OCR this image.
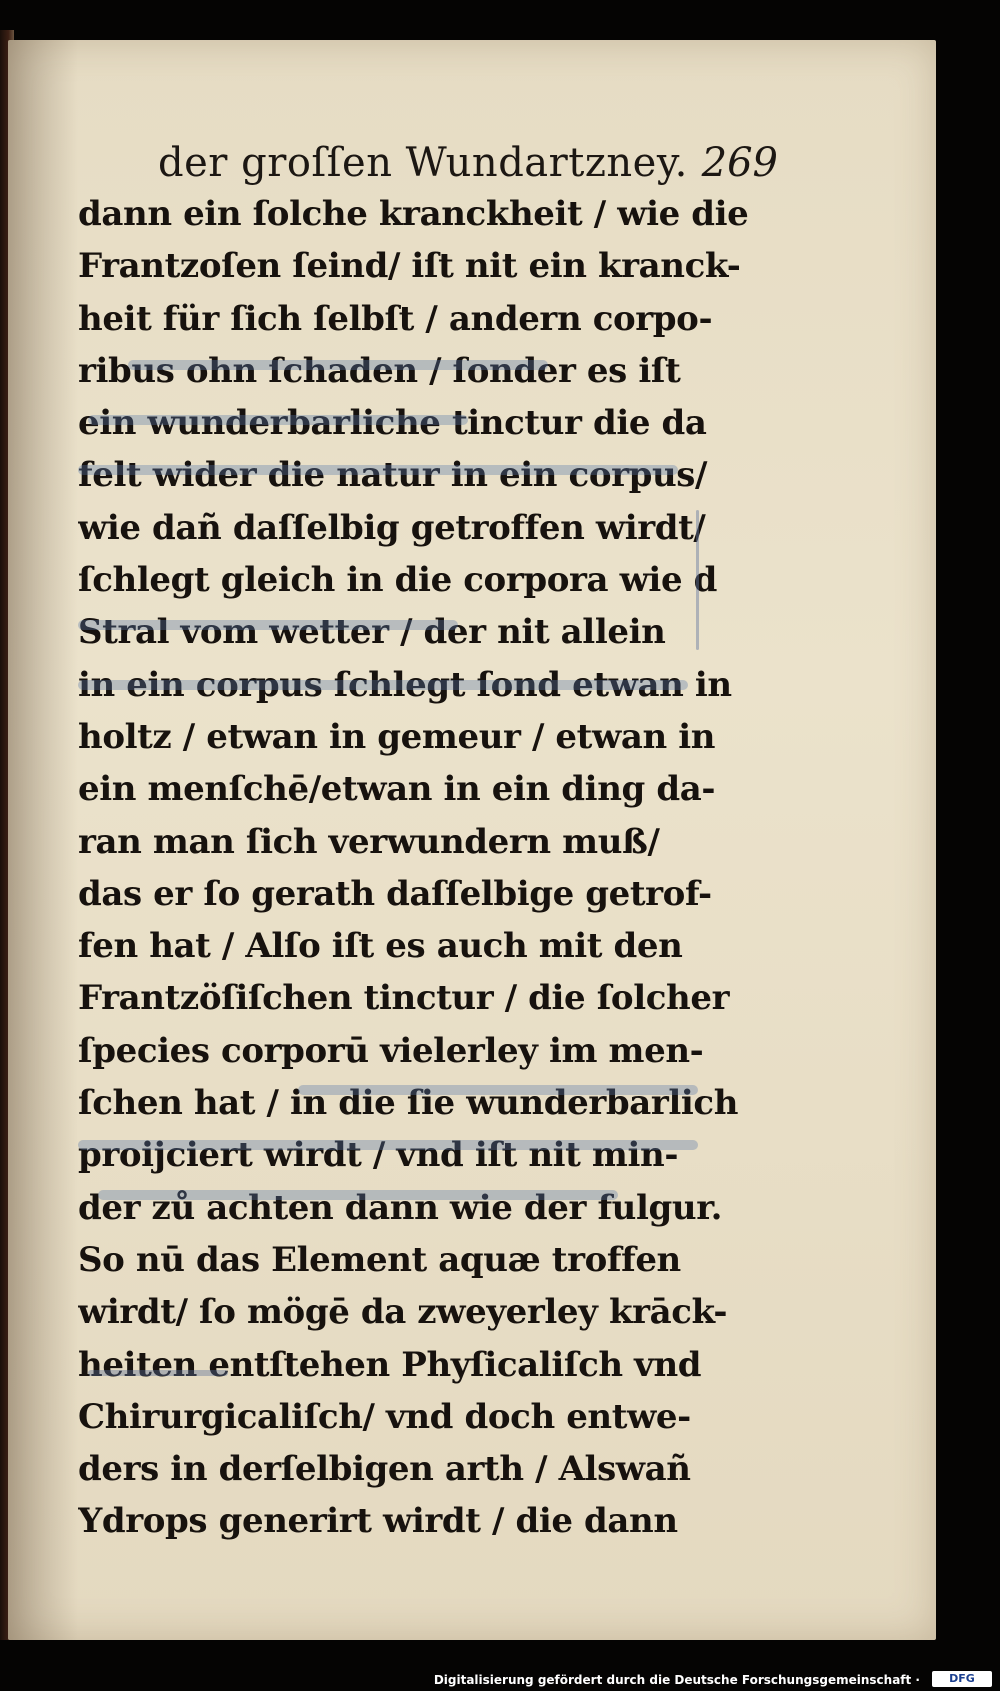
der groſſen Wundartzney. 269
dann ein ſolche kranckheit / wie die
Frantzoſen ſeind/ iſt nit ein kranck-
heit für ſich ſelbſt / andern corpo-
ribus ohn ſchaden / ſonder es iſt
ein wunderbarliche tinctur die da
felt wider die natur in ein corpus/
wie dañ daſſelbig getroffen wirdt/
ſchlegt gleich in die corpora wie d
Stral vom wetter / der nit allein
in ein corpus ſchlegt ſond etwan in
holtz / etwan in gemeur / etwan in
ein menſchē/etwan in ein ding da-
ran man ſich verwundern muß/
das er ſo gerath daſſelbige getrof-
fen hat / Alſo iſt es auch mit den
Frantzöſiſchen tinctur / die ſolcher
ſpecies corporū vielerley im men-
ſchen hat / in die ſie wunderbarlich
proijciert wirdt / vnd iſt nit min-
der zů achten dann wie der fulgur.
So nū das Element aquæ troffen
wirdt/ ſo mögē da zweyerley krāck-
heiten entſtehen Phyſicaliſch vnd
Chirurgicaliſch/ vnd doch entwe-
ders in derſelbigen arth / Alswañ
Ydrops generirt wirdt / die dann
Digitalisierung gefördert durch die Deutsche Forschungsgemeinschaft ·	DFG
